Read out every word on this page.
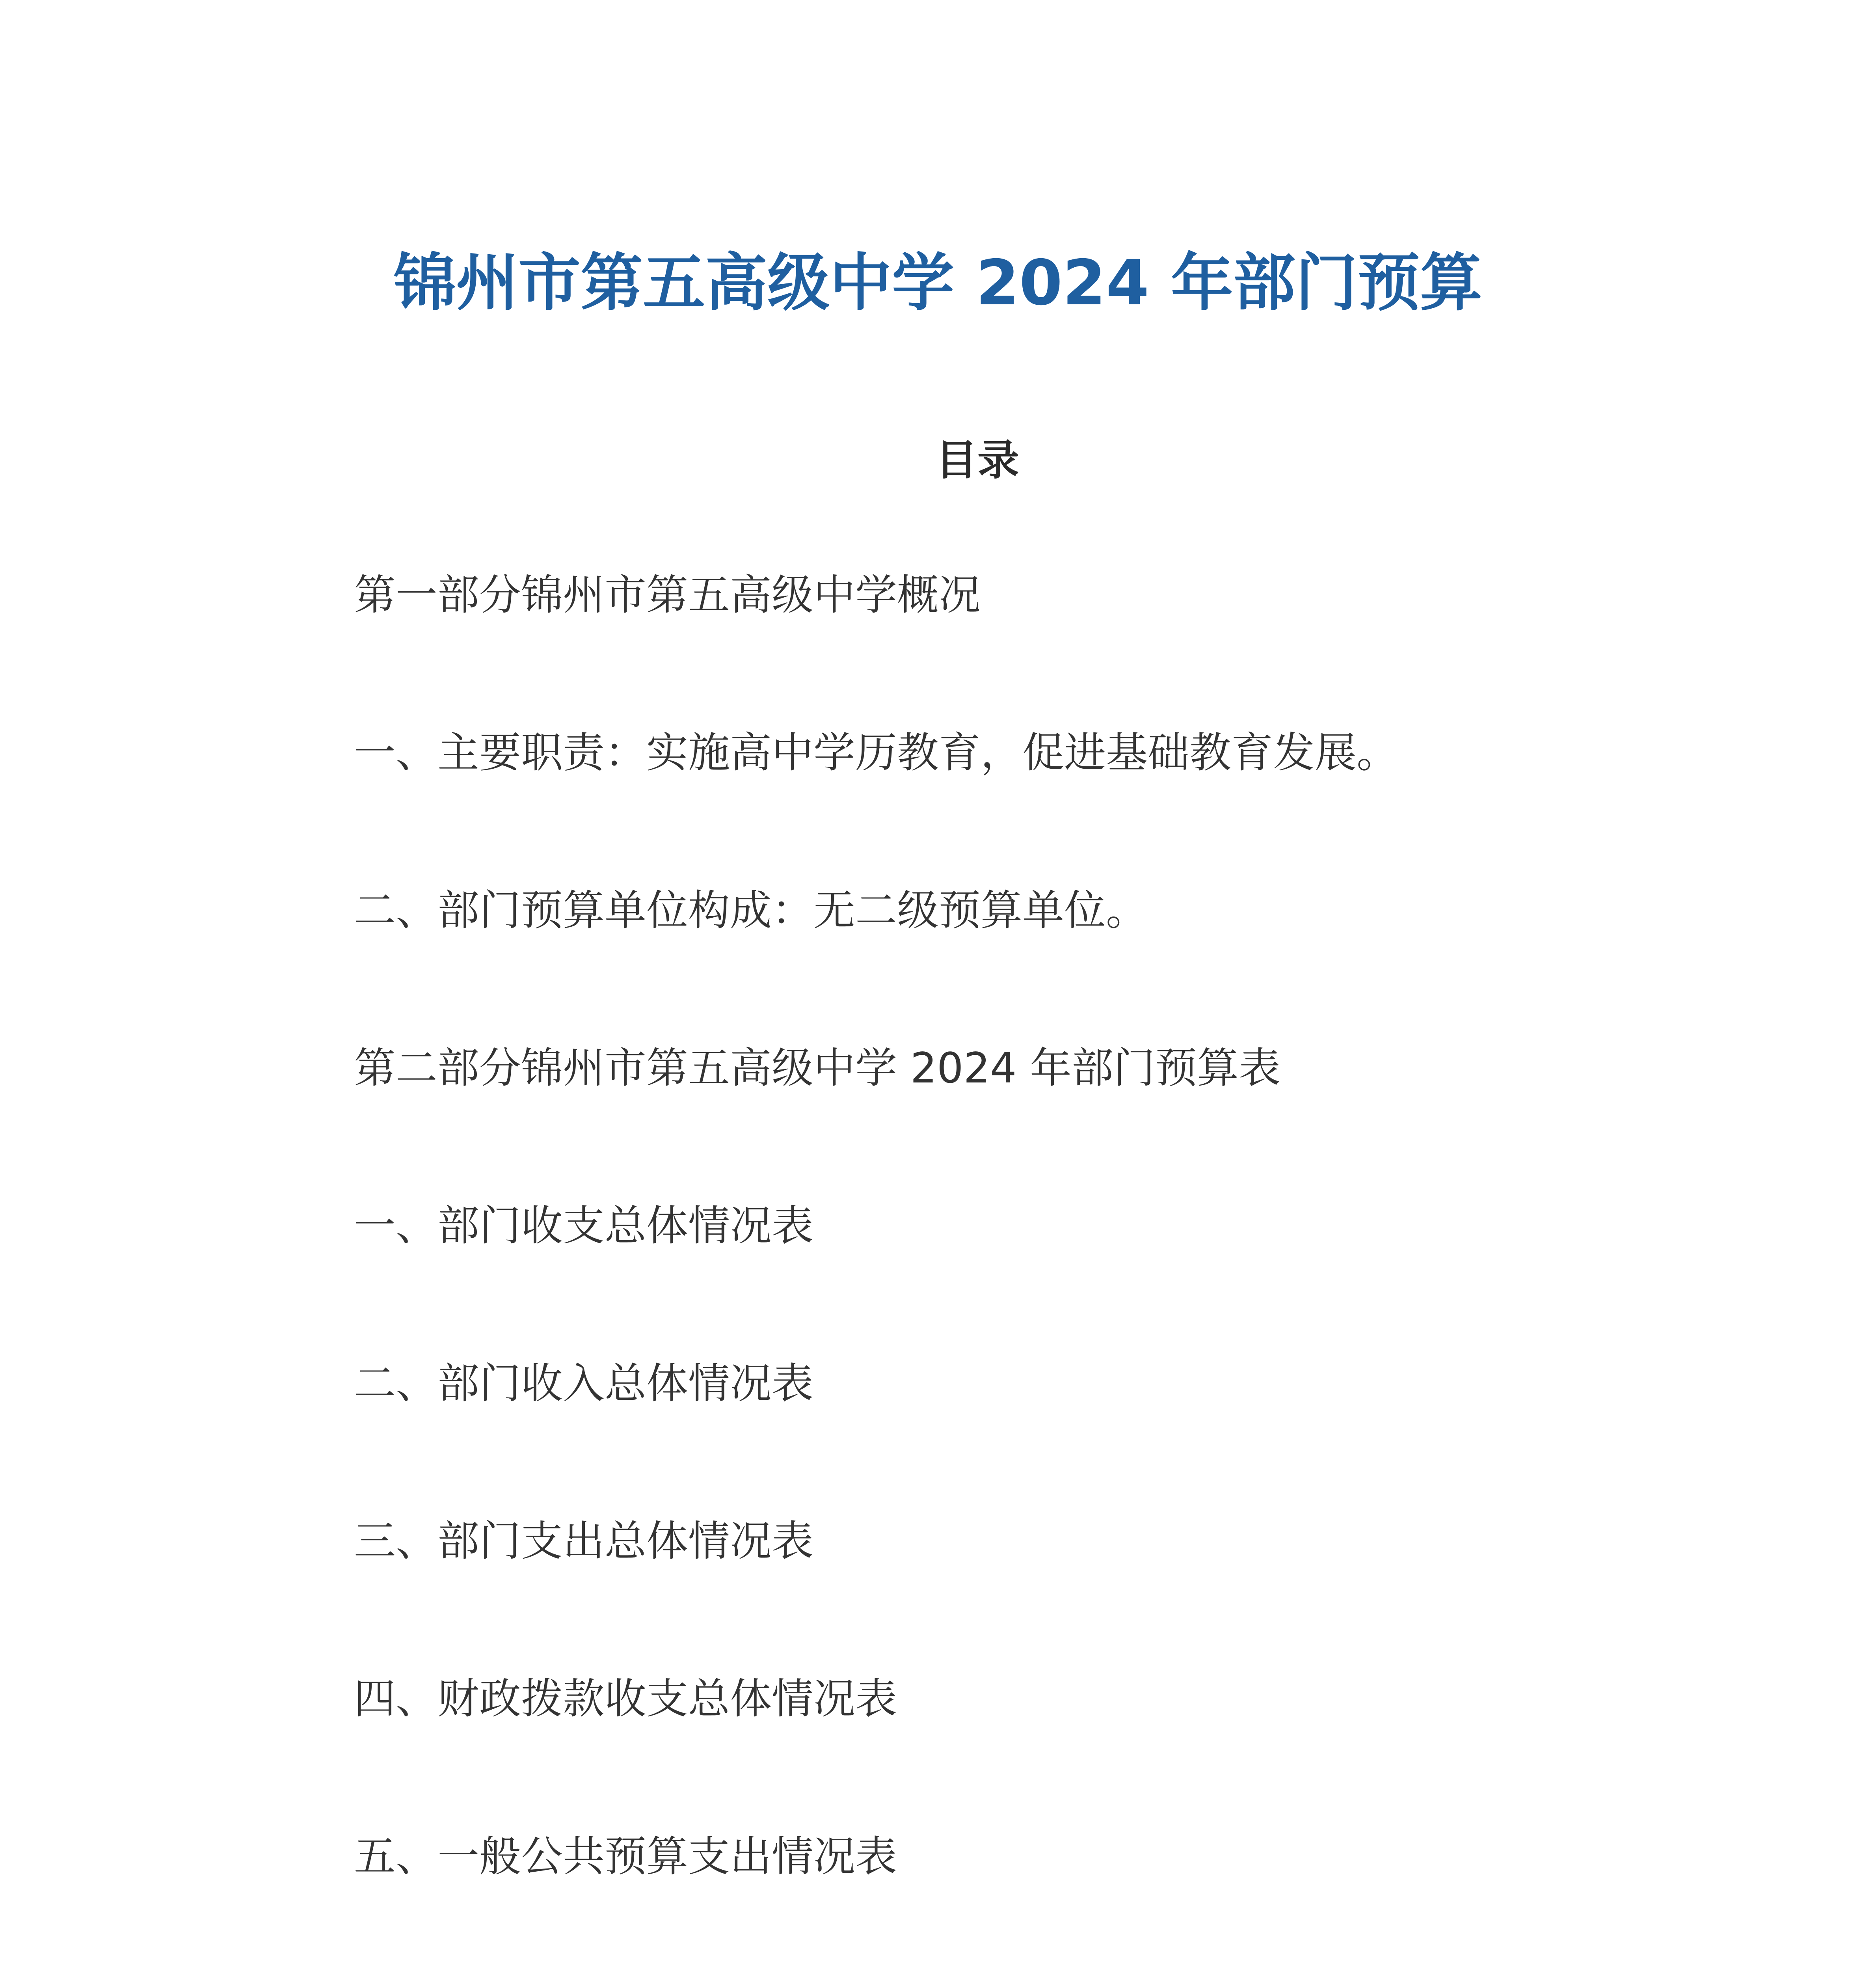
锦州市第五高级中学 2024 年部门预算
目录
第一部分锦州市第五高级中学概况
一、主要职责：实施高中学历教育，促进基础教育发展。
二、部门预算单位构成：无二级预算单位。
第二部分锦州市第五高级中学 2024 年部门预算表
一、部门收支总体情况表
二、部门收入总体情况表
三、部门支出总体情况表
四、财政拨款收支总体情况表
五、一般公共预算支出情况表
